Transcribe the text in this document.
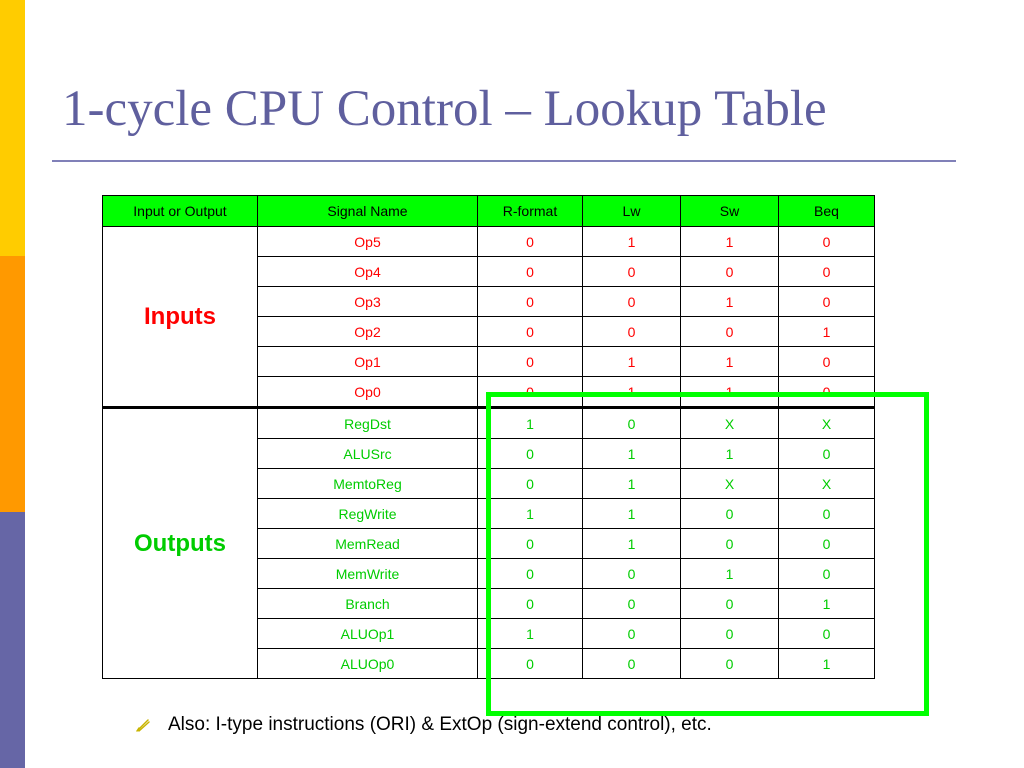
1-cycle CPU Control – Lookup Table
Input or Output	Signal Name	R-format	Lw	Sw	Beq
Inputs	Op5	0	1	1	0
	Op4	0	0	0	0
	Op3	0	0	1	0
	Op2	0	0	0	1
	Op1	0	1	1	0
	Op0	0	1	1	0
Outputs	RegDst	1	0	X	X
	ALUSrc	0	1	1	0
	MemtoReg	0	1	X	X
	RegWrite	1	1	0	0
	MemRead	0	1	0	0
	MemWrite	0	0	1	0
	Branch	0	0	0	1
	ALUOp1	1	0	0	0
	ALUOp0	0	0	0	1
Also: I-type instructions (ORI) & ExtOp (sign-extend control), etc.
